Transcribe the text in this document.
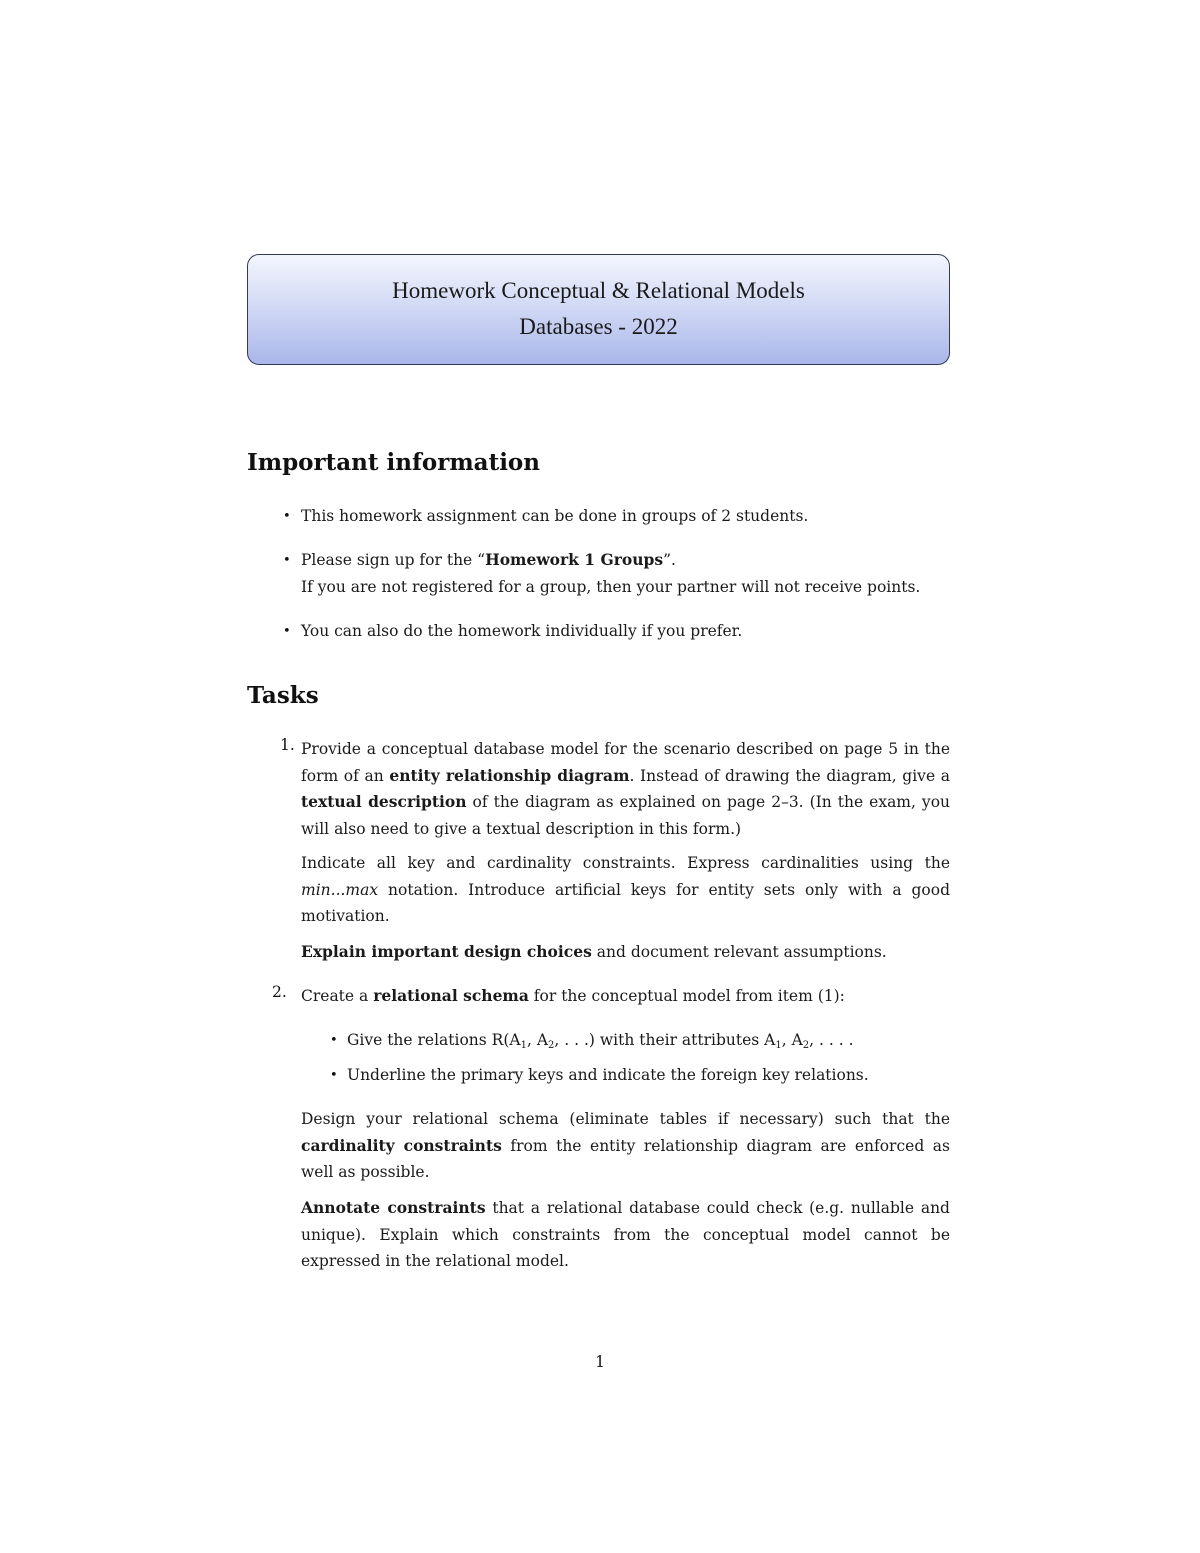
Homework Conceptual & Relational Models
Databases - 2022
Important information
• This homework assignment can be done in groups of 2 students.
• Please sign up for the “Homework 1 Groups”.
If you are not registered for a group, then your partner will not receive points.
• You can also do the homework individually if you prefer.
Tasks
1. Provide a conceptual database model for the scenario described on page 5 in the form of an entity relationship diagram. Instead of drawing the diagram, give a textual description of the diagram as explained on page 2–3. (In the exam, you will also need to give a textual description in this form.)
Indicate all key and cardinality constraints. Express cardinalities using the min...max notation. Introduce artificial keys for entity sets only with a good motivation.
Explain important design choices and document relevant assumptions.
2. Create a relational schema for the conceptual model from item (1):
• Give the relations $R(A_1$, $A_2$, . . .) with their attributes $A_1$, $A_2$, . . . .
• Underline the primary keys and indicate the foreign key relations.
Design your relational schema (eliminate tables if necessary) such that the cardinality constraints from the entity relationship diagram are enforced as well as possible.
Annotate constraints that a relational database could check (e.g. nullable and unique). Explain which constraints from the conceptual model cannot be expressed in the relational model.
1
